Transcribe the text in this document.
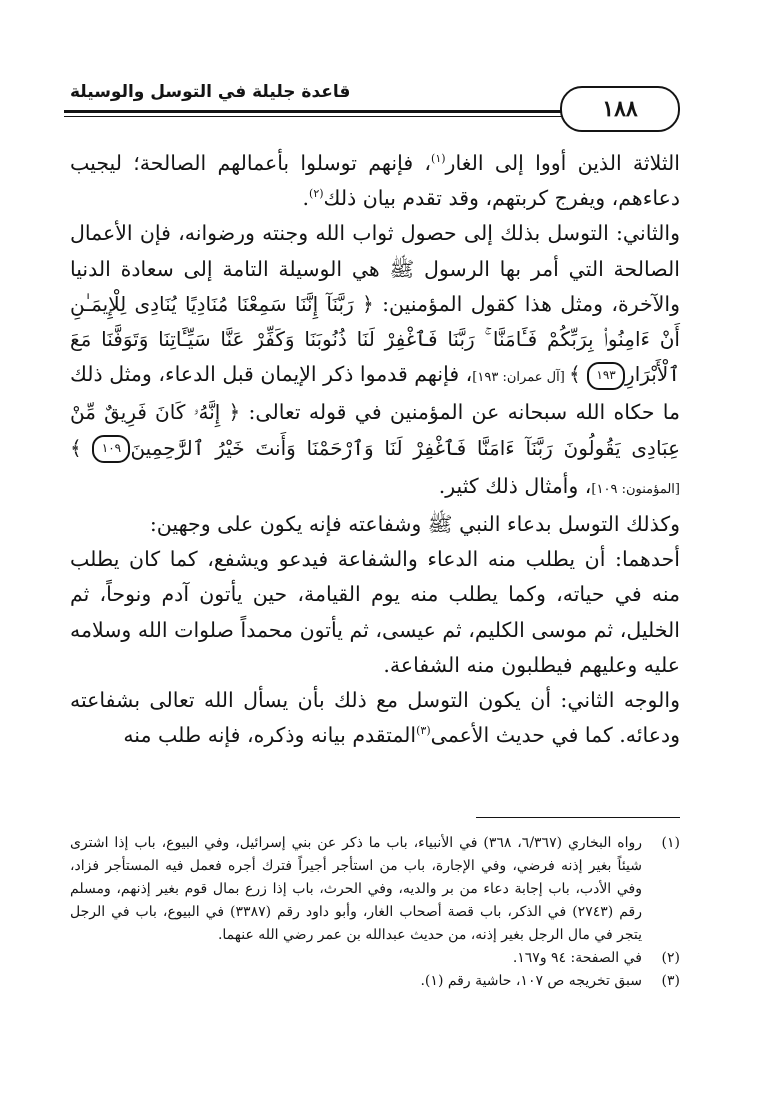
قاعدة جليلة في التوسل والوسيلة
١٨٨

الثلاثة الذين أووا إلى الغار$^{(١)}$، فإنهم توسلوا بأعمالهم الصالحة؛ ليجيب دعاءهم، ويفرج كربتهم، وقد تقدم بيان ذلك$^{(٢)}$.

والثاني: التوسل بذلك إلى حصول ثواب الله وجنته ورضوانه، فإن الأعمال الصالحة التي أمر بها الرسول ﷺ هي الوسيلة التامة إلى سعادة الدنيا والآخرة، ومثل هذا كقول المؤمنين: ﴿ رَبَّنَآ إِنَّنَا سَمِعْنَا مُنَادِيًا يُنَادِى لِلْإِيمَـٰنِ أَنْ ءَامِنُوا۟ بِرَبِّكُمْ فَـَٔامَنَّا ۚ رَبَّنَا فَٱغْفِرْ لَنَا ذُنُوبَنَا وَكَفِّرْ عَنَّا سَيِّـَٔاتِنَا وَتَوَفَّنَا مَعَ ٱلْأَبْرَارِ١٩٣ ﴾ [آل عمران: ١٩٣]، فإنهم قدموا ذكر الإيمان قبل الدعاء، ومثل ذلك ما حكاه الله سبحانه عن المؤمنين في قوله تعالى: ﴿ إِنَّهُۥ كَانَ فَرِيقٌ مِّنْ عِبَادِى يَقُولُونَ رَبَّنَآ ءَامَنَّا فَٱغْفِرْ لَنَا وَٱرْحَمْنَا وَأَنتَ خَيْرُ ٱلرَّٰحِمِينَ١٠٩ ﴾ [المؤمنون: ١٠٩]، وأمثال ذلك كثير.

وكذلك التوسل بدعاء النبي ﷺ وشفاعته فإنه يكون على وجهين:

أحدهما: أن يطلب منه الدعاء والشفاعة فيدعو ويشفع، كما كان يطلب منه في حياته، وكما يطلب منه يوم القيامة، حين يأتون آدم ونوحاً، ثم الخليل، ثم موسى الكليم، ثم عيسى، ثم يأتون محمداً صلوات الله وسلامه عليه وعليهم فيطلبون منه الشفاعة.

والوجه الثاني: أن يكون التوسل مع ذلك بأن يسأل الله تعالى بشفاعته ودعائه. كما في حديث الأعمى$^{(٣)}$المتقدم بيانه وذكره، فإنه طلب منه

(١)
رواه البخاري (٦/٣٦٧، ٣٦٨) في الأنبياء، باب ما ذكر عن بني إسرائيل، وفي البيوع، باب إذا اشترى شيئاً بغير إذنه فرضي، وفي الإجارة، باب من استأجر أجيراً فترك أجره فعمل فيه المستأجر فزاد، وفي الأدب، باب إجابة دعاء من بر والديه، وفي الحرث، باب إذا زرع بمال قوم بغير إذنهم، ومسلم رقم (٢٧٤٣) في الذكر، باب قصة أصحاب الغار، وأبو داود رقم (٣٣٨٧) في البيوع، باب في الرجل يتجر في مال الرجل بغير إذنه، من حديث عبدالله بن عمر رضي الله عنهما.
(٢)
في الصفحة: ٩٤ و١٦٧.
(٣)
سبق تخريجه ص ١٠٧، حاشية رقم (١).
